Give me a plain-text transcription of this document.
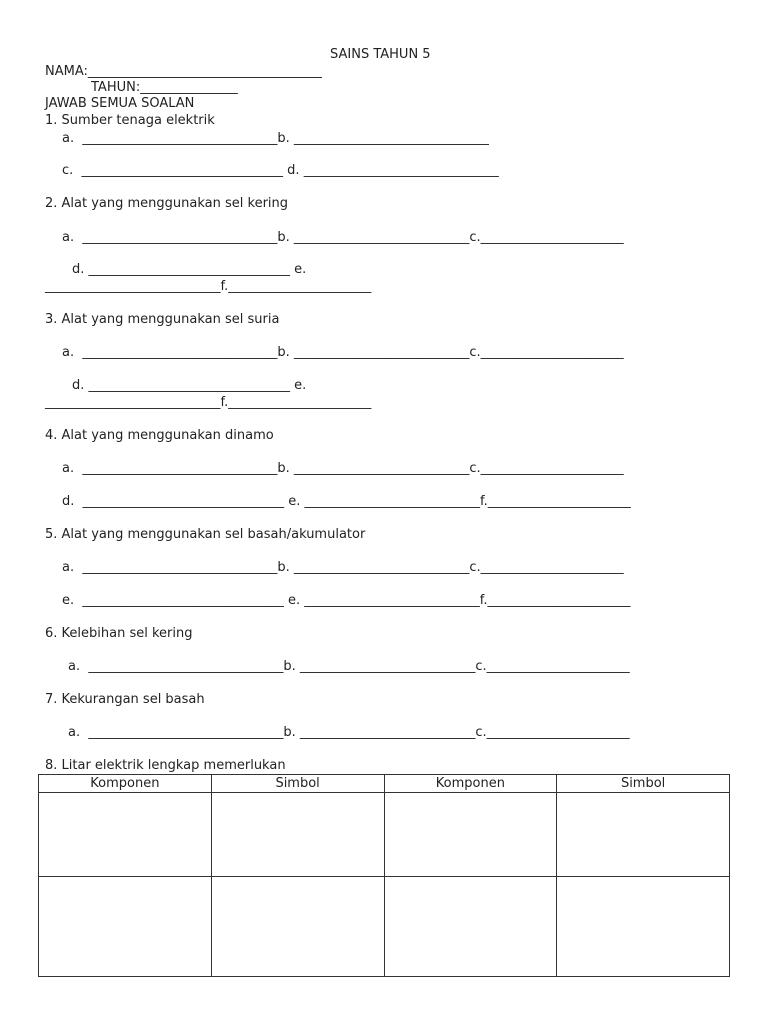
SAINS TAHUN 5
NAMA:____________________________________
TAHUN:_______________
JAWAB SEMUA SOALAN
1. Sumber tenaga elektrik
a.  ______________________________b. ______________________________
c.  _______________________________ d. ______________________________
2. Alat yang menggunakan sel kering
a.  ______________________________b. ___________________________c.______________________
d. _______________________________ e.
___________________________f.______________________
3. Alat yang menggunakan sel suria
a.  ______________________________b. ___________________________c.______________________
d. _______________________________ e.
___________________________f.______________________
4. Alat yang menggunakan dinamo
a.  ______________________________b. ___________________________c.______________________
d.  _______________________________ e. ___________________________f.______________________
5. Alat yang menggunakan sel basah/akumulator
a.  ______________________________b. ___________________________c.______________________
e.  _______________________________ e. ___________________________f.______________________
6. Kelebihan sel kering
a.  ______________________________b. ___________________________c.______________________
7. Kekurangan sel basah
a.  ______________________________b. ___________________________c.______________________
8. Litar elektrik lengkap memerlukan
Komponen	Simbol	Komponen	Simbol
